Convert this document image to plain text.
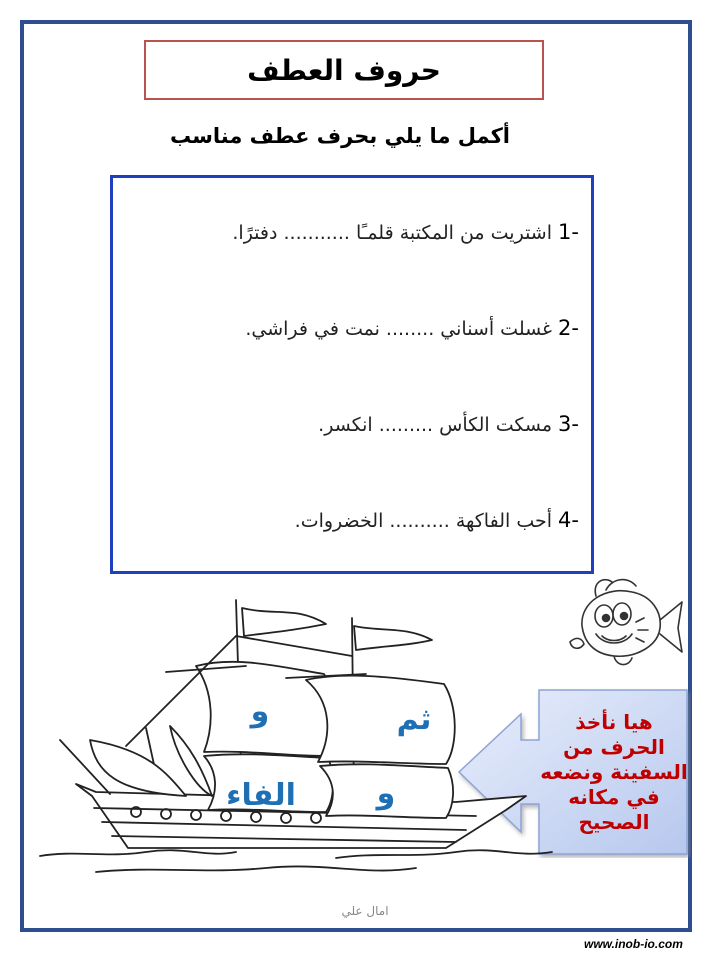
حروف العطف
أكمل ما يلي بحرف عطف مناسب
-1 اشتريت من المكتبة قلمـًا ........... دفترًا.
-2 غسلت أسناني ........ نمت في فراشي.
-3 مسكت الكأس ......... انكسر.
-4 أحب الفاكهة .......... الخضروات.
هيا نأخذ الحرف من السفينة ونضعه في مكانه الصحيح
و	ثم
الفاء	و
امال علي
www.inob-io.com
